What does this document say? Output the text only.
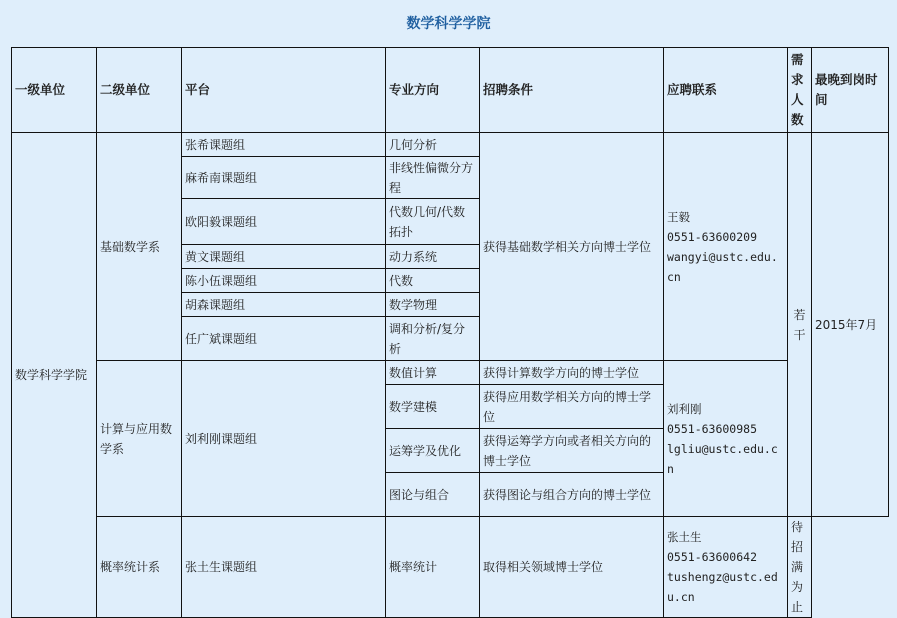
数学科学学院
一级单位	二级单位	平台	专业方向	招聘条件	应聘联系	需求人数	最晚到岗时间
数学科学学院	基础数学系	张希课题组	几何分析	获得基础数学相关方向博士学位	王毅
0551-63600209
wangyi@ustc.edu.cn	若干	2015年7月
		麻希南课题组	非线性偏微分方程				
		欧阳毅课题组	代数几何/代数拓扑				
		黄文课题组	动力系统				
		陈小伍课题组	代数				
		胡森课题组	数学物理				
		任广斌课题组	调和分析/复分析				
	计算与应用数学系	刘利刚课题组	数值计算	获得计算数学方向的博士学位	刘利刚
0551-63600985
lgliu@ustc.edu.cn		

			数学建模	获得应用数学相关方向的博士学位			
			运筹学及优化	获得运筹学方向或者相关方向的博士学位			
			图论与组合	获得图论与组合方向的博士学位			
	概率统计系	张土生课题组	概率统计	取得相关领域博士学位	张土生
0551-63600642
tushengz@ustc.edu.cn	待招满为止	
